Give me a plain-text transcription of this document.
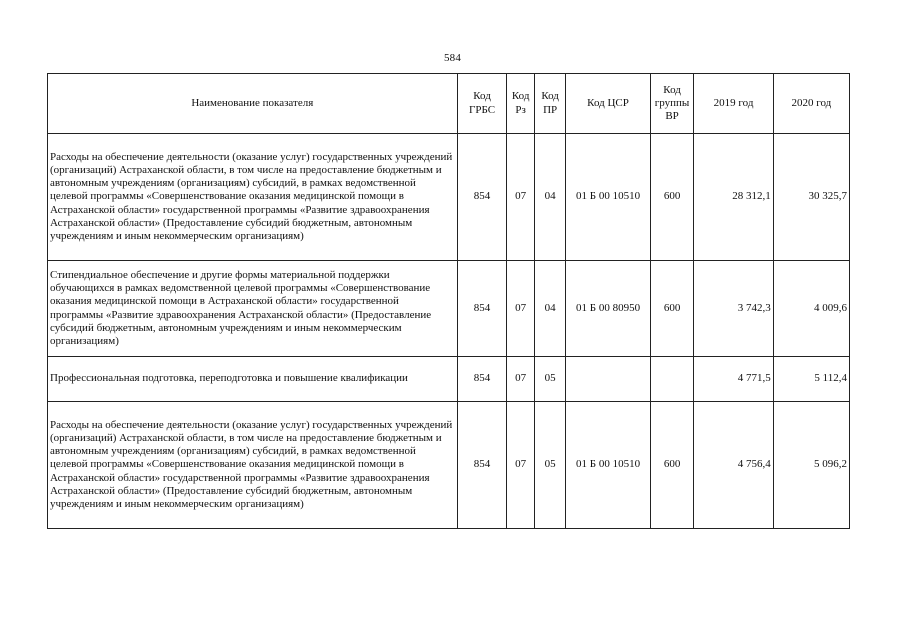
584
Наименование показателя	Код ГРБС	Код Рз	Код ПР	Код ЦСР	Код группы ВР	2019 год	2020 год
Расходы на обеспечение деятельности (оказание услуг) государственных учреждений (организаций) Астраханской области, в том числе на предоставление бюджетным и автономным учреждениям (организациям) субсидий, в рамках ведомственной целевой программы «Совершенствование оказания медицинской помощи в Астраханской области» государственной программы «Развитие здравоохранения Астраханской области» (Предоставление субсидий бюджетным, автономным учреждениям и иным некоммерческим организациям)	854	07	04	01 Б 00 10510	600	28 312,1	30 325,7
Стипендиальное обеспечение и другие формы материальной поддержки обучающихся в рамках ведомственной целевой программы «Совершенствование оказания медицинской помощи в Астраханской области» государственной программы «Развитие здравоохранения Астраханской области» (Предоставление субсидий бюджетным, автономным учреждениям и иным некоммерческим организациям)	854	07	04	01 Б 00 80950	600	3 742,3	4 009,6
Профессиональная подготовка, переподготовка и повышение квалификации	854	07	05			4 771,5	5 112,4
Расходы на обеспечение деятельности (оказание услуг) государственных учреждений (организаций) Астраханской области, в том числе на предоставление бюджетным и автономным учреждениям (организациям) субсидий, в рамках ведомственной целевой программы «Совершенствование оказания медицинской помощи в Астраханской области» государственной программы «Развитие здравоохранения Астраханской области» (Предоставление субсидий бюджетным, автономным учреждениям и иным некоммерческим организациям)	854	07	05	01 Б 00 10510	600	4 756,4	5 096,2
